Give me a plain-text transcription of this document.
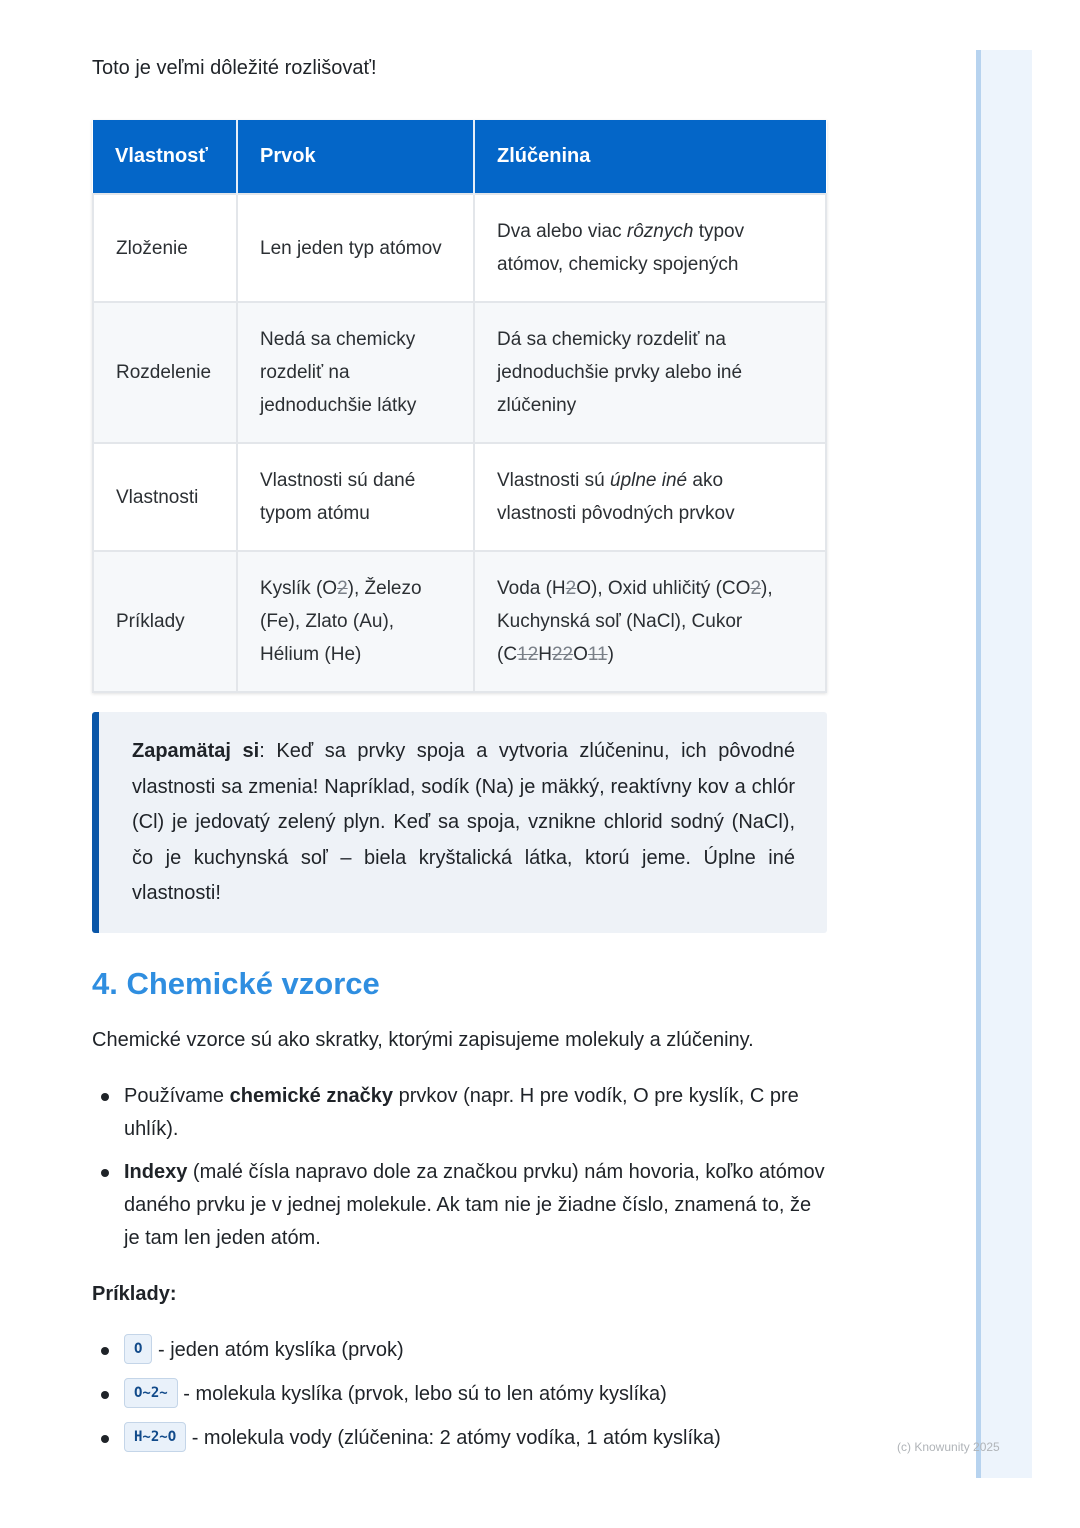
Toto je veľmi dôležité rozlišovať!

Vlastnosť	Prvok	Zlúčenina
Zloženie	Len jeden typ atómov	Dva alebo viac rôznych typov atómov, chemicky spojených
Rozdelenie	Nedá sa chemicky rozdeliť na jednoduchšie látky	Dá sa chemicky rozdeliť na jednoduchšie prvky alebo iné zlúčeniny
Vlastnosti	Vlastnosti sú dané typom atómu	Vlastnosti sú úplne iné ako vlastnosti pôvodných prvkov
Príklady	Kyslík (O2), Železo (Fe), Zlato (Au), Hélium (He)	Voda (H2O), Oxid uhličitý (CO2), Kuchynská soľ (NaCl), Cukor (C12H22O11)
Zapamätaj si: Keď sa prvky spoja a vytvoria zlúčeninu, ich pôvodné vlastnosti sa zmenia! Napríklad, sodík (Na) je mäkký, reaktívny kov a chlór (Cl) je jedovatý zelený plyn. Keď sa spoja, vznikne chlorid sodný (NaCl), čo je kuchynská soľ – biela kryštalická látka, ktorú jeme. Úplne iné vlastnosti!
4. Chemické vzorce

Chemické vzorce sú ako skratky, ktorými zapisujeme molekuly a zlúčeniny.

Používame chemické značky prvkov (napr. H pre vodík, O pre kyslík, C pre uhlík).
Indexy (malé čísla napravo dole za značkou prvku) nám hovoria, koľko atómov daného prvku je v jednej molekule. Ak tam nie je žiadne číslo, znamená to, že je tam len jeden atóm.

Príklady:

O - jeden atóm kyslíka (prvok)
O~2~ - molekula kyslíka (prvok, lebo sú to len atómy kyslíka)
H~2~O - molekula vody (zlúčenina: 2 atómy vodíka, 1 atóm kyslíka)	(c) Knowunity 2025
